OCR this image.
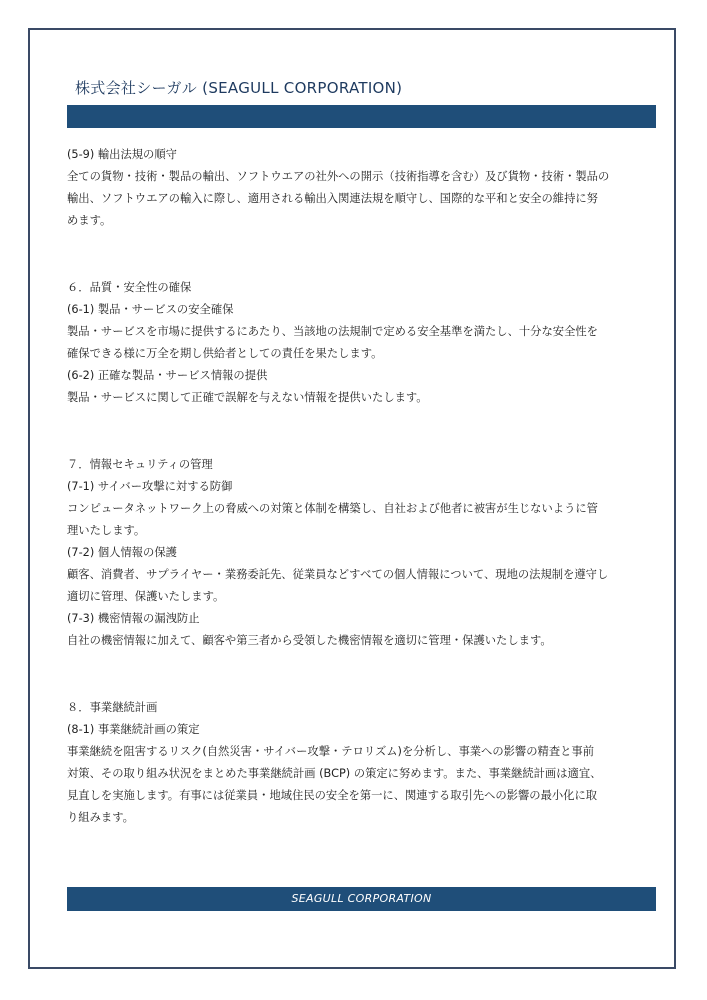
株式会社シーガル (SEAGULL CORPORATION)
(5-9) 輸出法規の順守
全ての貨物・技術・製品の輸出、ソフトウエアの社外への開示（技術指導を含む）及び貨物・技術・製品の
輸出、ソフトウエアの輸入に際し、適用される輸出入関連法規を順守し、国際的な平和と安全の維持に努
めます。
６．品質・安全性の確保
(6-1) 製品・サービスの安全確保
製品・サービスを市場に提供するにあたり、当該地の法規制で定める安全基準を満たし、十分な安全性を
確保できる様に万全を期し供給者としての責任を果たします。
(6-2) 正確な製品・サービス情報の提供
製品・サービスに関して正確で誤解を与えない情報を提供いたします。
７．情報セキュリティの管理
(7-1) サイバー攻撃に対する防御
コンピュータネットワーク上の脅威への対策と体制を構築し、自社および他者に被害が生じないように管
理いたします。
(7-2) 個人情報の保護
顧客、消費者、サプライヤー・業務委託先、従業員などすべての個人情報について、現地の法規制を遵守し
適切に管理、保護いたします。
(7-3) 機密情報の漏洩防止
自社の機密情報に加えて、顧客や第三者から受領した機密情報を適切に管理・保護いたします。
８．事業継続計画
(8-1) 事業継続計画の策定
事業継続を阻害するリスク(自然災害・サイバー攻撃・テロリズム)を分析し、事業への影響の精査と事前
対策、その取り組み状況をまとめた事業継続計画 (BCP) の策定に努めます。また、事業継続計画は適宜、
見直しを実施します。有事には従業員・地域住民の安全を第一に、関連する取引先への影響の最小化に取
り組みます。
SEAGULL CORPORATION
